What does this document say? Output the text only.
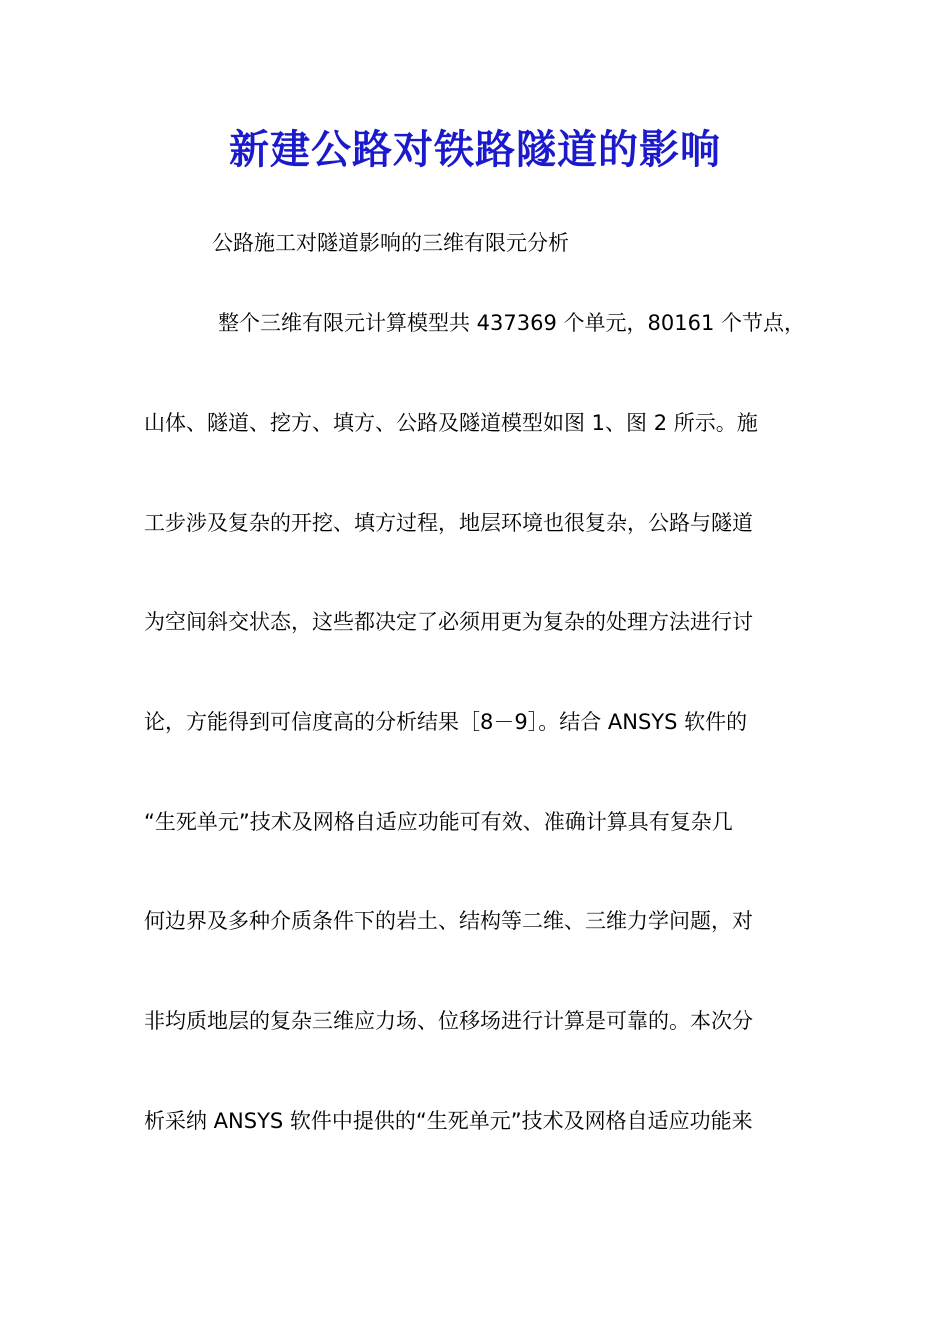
新建公路对铁路隧道的影响

公路施工对隧道影响的三维有限元分析

整个三维有限元计算模型共 437369 个单元，80161 个节点，

山体、隧道、挖方、填方、公路及隧道模型如图 1、图 2 所示。施

工步涉及复杂的开挖、填方过程，地层环境也很复杂，公路与隧道

为空间斜交状态，这些都决定了必须用更为复杂的处理方法进行讨

论，方能得到可信度高的分析结果［8－9］。结合 ANSYS 软件的

“生死单元”技术及网格自适应功能可有效、准确计算具有复杂几

何边界及多种介质条件下的岩土、结构等二维、三维力学问题，对

非均质地层的复杂三维应力场、位移场进行计算是可靠的。本次分

析采纳 ANSYS 软件中提供的“生死单元”技术及网格自适应功能来
